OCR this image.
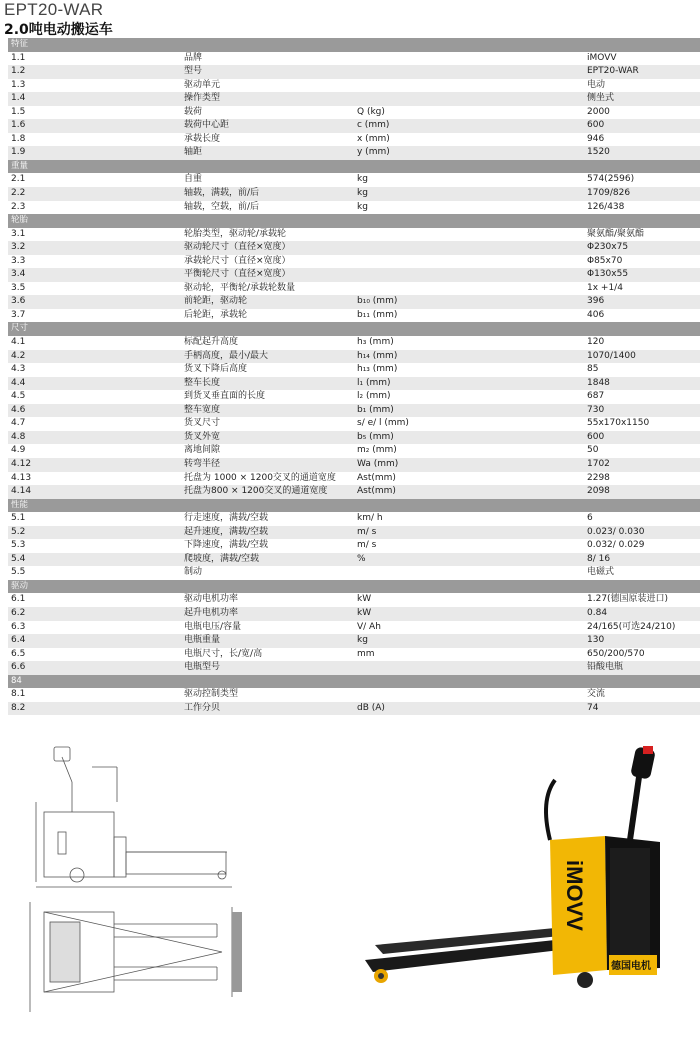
EPT20-WAR
2.0吨电动搬运车
特征			
1.1	品牌		iMOVV
1.2	型号		EPT20-WAR
1.3	驱动单元		电动
1.4	操作类型		侧坐式
1.5	载荷	Q (kg)	2000
1.6	载荷中心距	c (mm)	600
1.8	承载长度	x (mm)	946
1.9	轴距	y (mm)	1520
重量			
2.1	自重	kg	574(2596)
2.2	轴载，满载，前/后	kg	1709/826
2.3	轴载，空载，前/后	kg	126/438
轮胎			
3.1	轮胎类型，驱动轮/承载轮		聚氨酯/聚氨酯
3.2	驱动轮尺寸（直径×宽度）		Φ230x75
3.3	承载轮尺寸（直径×宽度）		Φ85x70
3.4	平衡轮尺寸（直径×宽度）		Φ130x55
3.5	驱动轮，平衡轮/承载轮数量		1x +1/4
3.6	前轮距，驱动轮	b₁₀ (mm)	396
3.7	后轮距，承载轮	b₁₁ (mm)	406
尺寸			
4.1	标配起升高度	h₃ (mm)	120
4.2	手柄高度，最小/最大	h₁₄ (mm)	1070/1400
4.3	货叉下降后高度	h₁₃ (mm)	85
4.4	整车长度	l₁ (mm)	1848
4.5	到货叉垂直面的长度	l₂ (mm)	687
4.6	整车宽度	b₁ (mm)	730
4.7	货叉尺寸	s/ e/ l (mm)	55x170x1150
4.8	货叉外宽	b₅ (mm)	600
4.9	离地间隙	m₂ (mm)	50
4.12	转弯半径	Wa (mm)	1702
4.13	托盘为 1000 × 1200交叉的通道宽度	Ast(mm)	2298
4.14	托盘为800 × 1200交叉的通道宽度	Ast(mm)	2098
性能			
5.1	行走速度，满载/空载	km/ h	6
5.2	起升速度，满载/空载	m/ s	0.023/ 0.030
5.3	下降速度，满载/空载	m/ s	0.032/ 0.029
5.4	爬坡度，满载/空载	%	8/ 16
5.5	制动		电磁式
驱动			
6.1	驱动电机功率	kW	1.27(德国原装进口)
6.2	起升电机功率	kW	0.84
6.3	电瓶电压/容量	V/ Ah	24/165(可选24/210)
6.4	电瓶重量	kg	130
6.5	电瓶尺寸，长/宽/高	mm	650/200/570
6.6	电瓶型号		铅酸电瓶
84			
8.1	驱动控制类型		交流
8.2	工作分贝	dB (A)	74
iMOVV
德国电机
